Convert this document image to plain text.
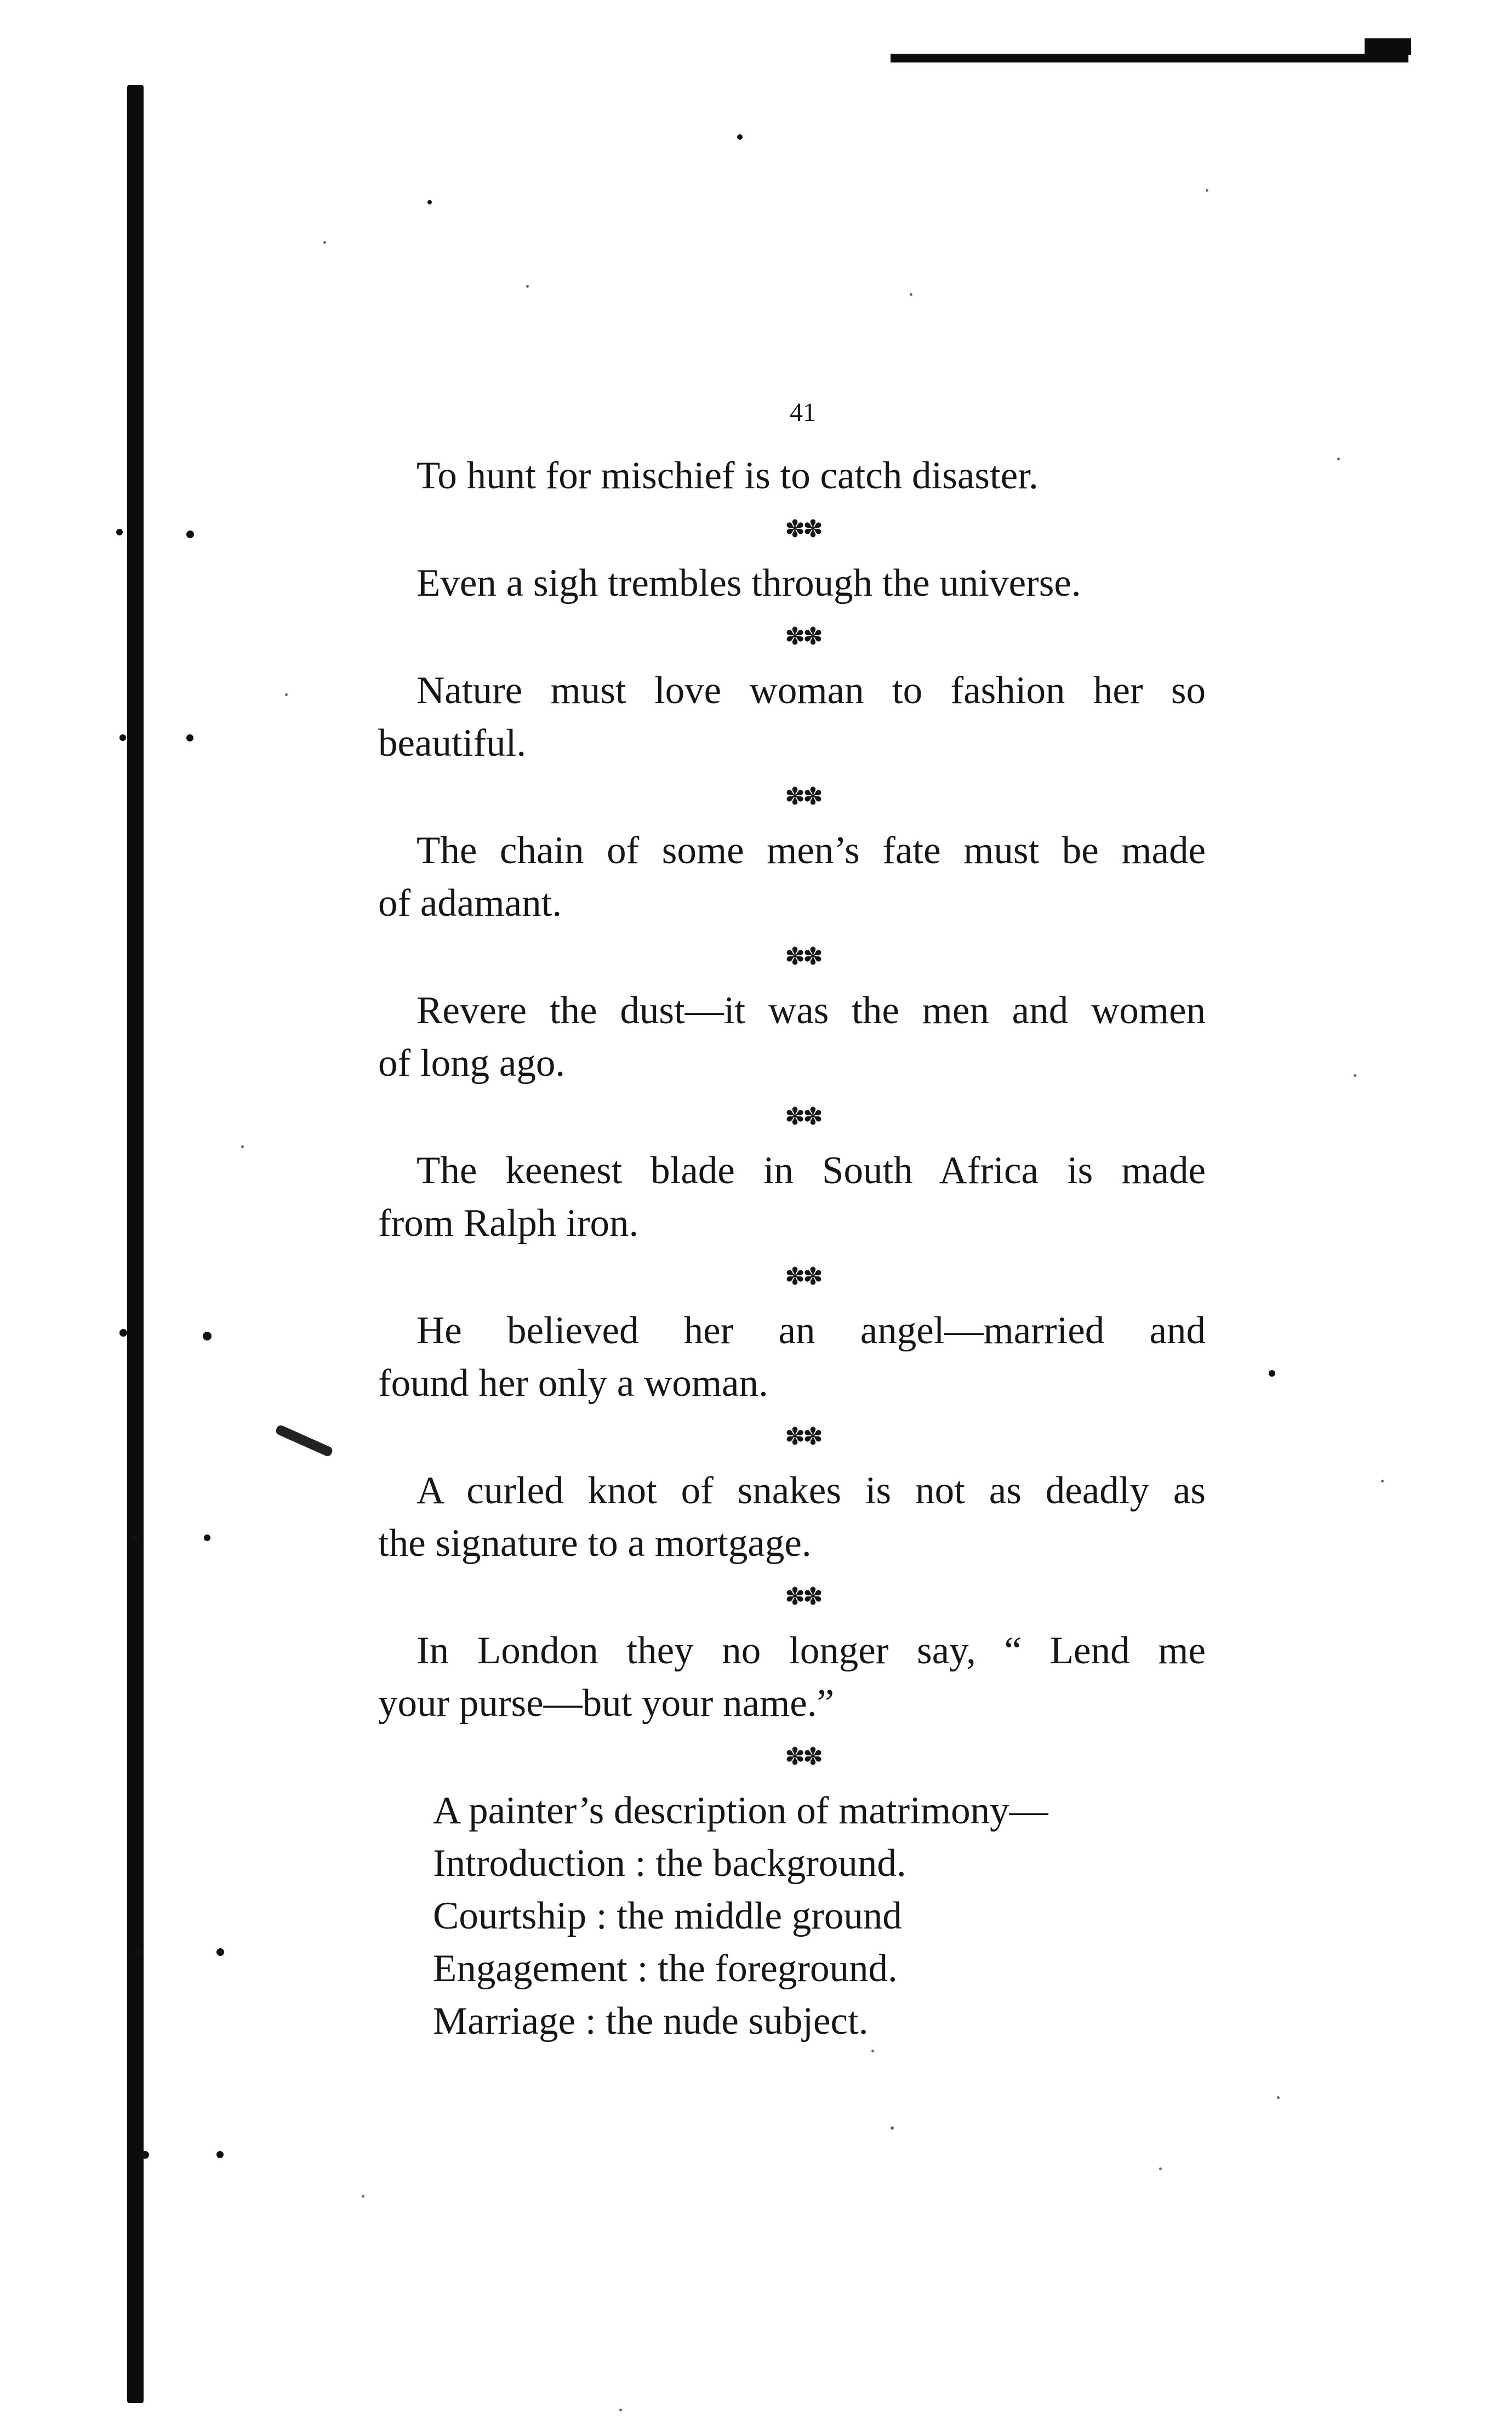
41
To hunt for mischief is to catch disaster.
✽✽
Even a sigh trembles through the universe.
✽✽
Nature must love woman to fashion her so
beautiful.
✽✽
The chain of some men’s fate must be made
of adamant.
✽✽
Revere the dust—it was the men and women
of long ago.
✽✽
The keenest blade in South Africa is made
from Ralph iron.
✽✽
He believed her an angel—married and
found her only a woman.
✽✽
A curled knot of snakes is not as deadly as
the signature to a mortgage.
✽✽
In London they no longer say, “ Lend me
your purse—but your name.”
✽✽
A painter’s description of matrimony—
Introduction : the background.
Courtship : the middle ground
Engagement : the foreground.
Marriage : the nude subject.
